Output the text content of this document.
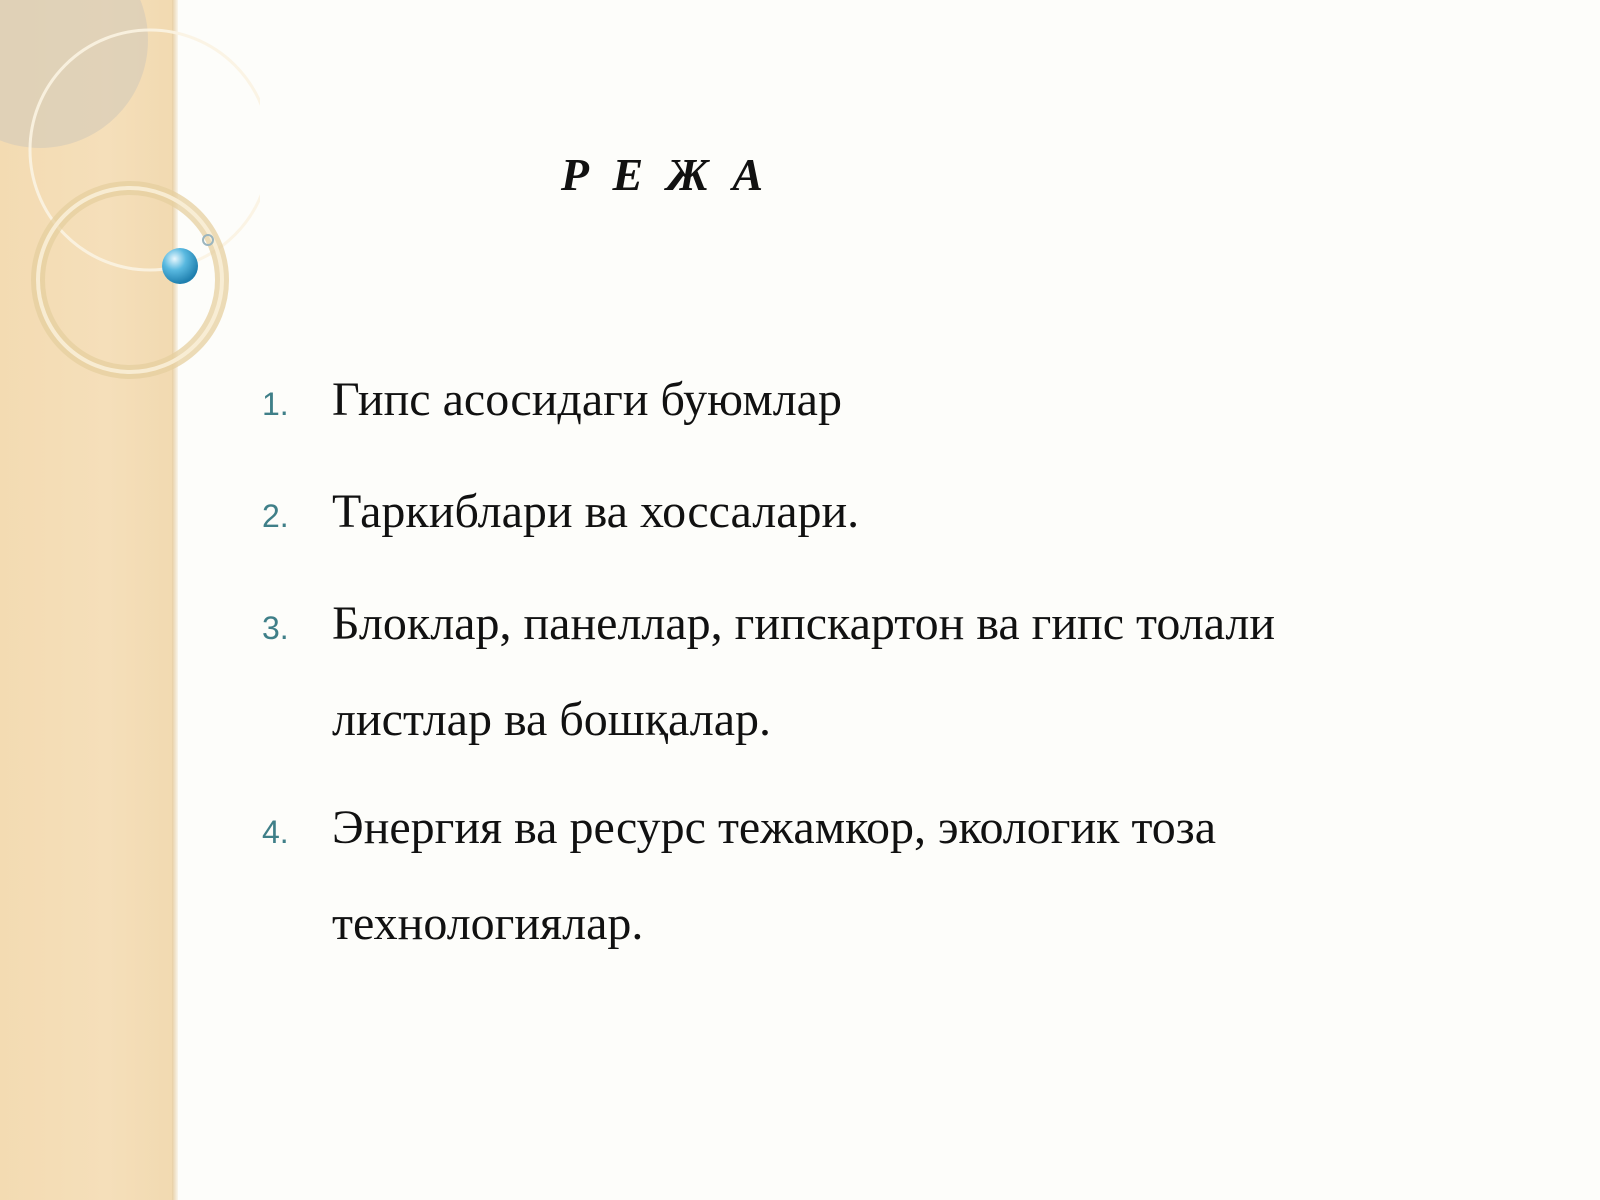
Р Е Ж А
1. Гипс асосидаги буюмлар
2. Таркиблари ва хоссалари.
3. Блоклар, панеллар, гипскартон ва гипс толали листлар ва бошқалар.
4. Энергия ва ресурс тежамкор, экологик тоза технологиялар.
